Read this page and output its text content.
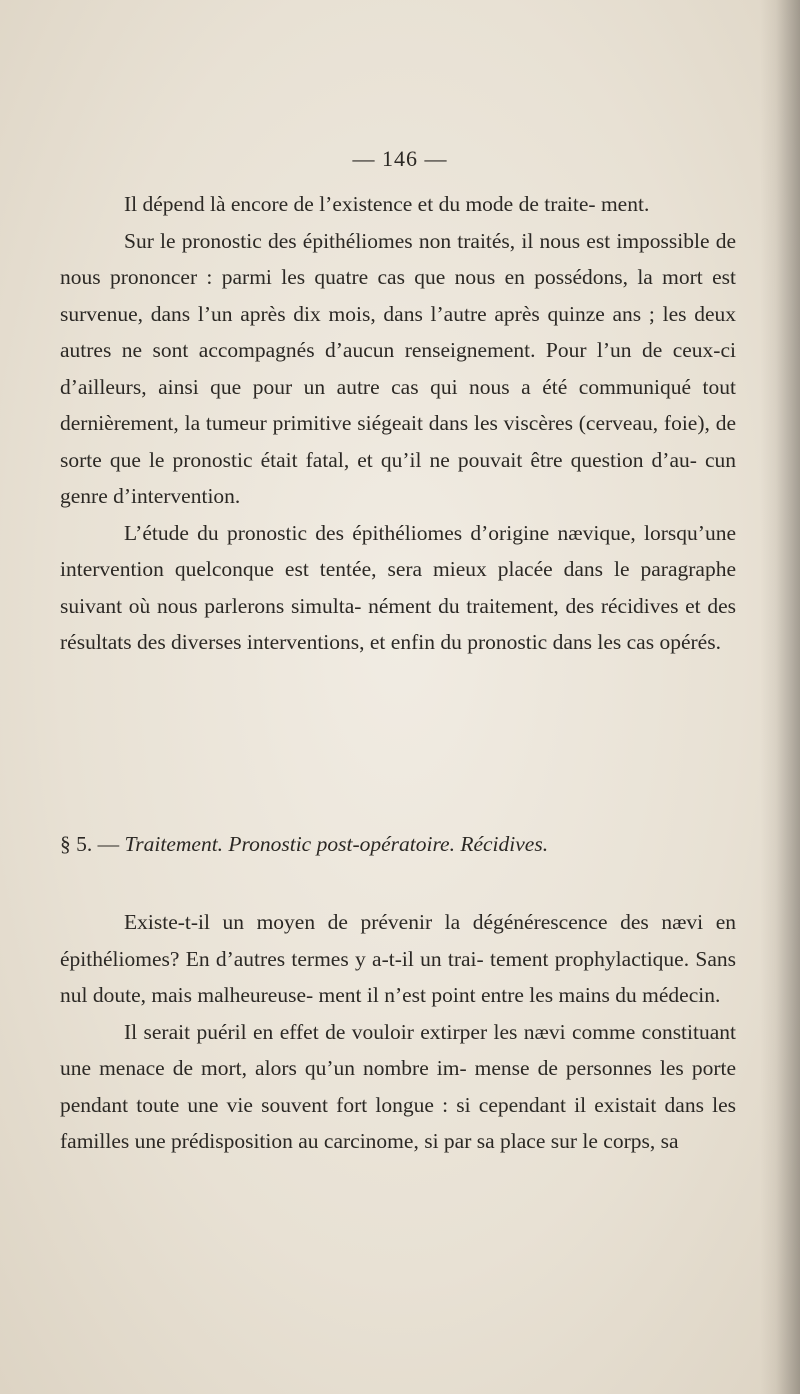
— 146 —

Il dépend là encore de l’existence et du mode de traite- ment.

Sur le pronostic des épithéliomes non traités, il nous est impossible de nous prononcer : parmi les quatre cas que nous en possédons, la mort est survenue, dans l’un après dix mois, dans l’autre après quinze ans ; les deux autres ne sont accompagnés d’aucun renseignement. Pour l’un de ceux-ci d’ailleurs, ainsi que pour un autre cas qui nous a été communiqué tout dernièrement, la tumeur primitive siégeait dans les viscères (cerveau, foie), de sorte que le pronostic était fatal, et qu’il ne pouvait être question d’au- cun genre d’intervention.

L’étude du pronostic des épithéliomes d’origine nævique, lorsqu’une intervention quelconque est tentée, sera mieux placée dans le paragraphe suivant où nous parlerons simulta- nément du traitement, des récidives et des résultats des diverses interventions, et enfin du pronostic dans les cas opérés.

§ 5. — Traitement. Pronostic post-opératoire. Récidives.

Existe-t-il un moyen de prévenir la dégénérescence des nævi en épithéliomes? En d’autres termes y a-t-il un trai- tement prophylactique. Sans nul doute, mais malheureuse- ment il n’est point entre les mains du médecin.

Il serait puéril en effet de vouloir extirper les nævi comme constituant une menace de mort, alors qu’un nombre im- mense de personnes les porte pendant toute une vie souvent fort longue : si cependant il existait dans les familles une prédisposition au carcinome, si par sa place sur le corps, sa
